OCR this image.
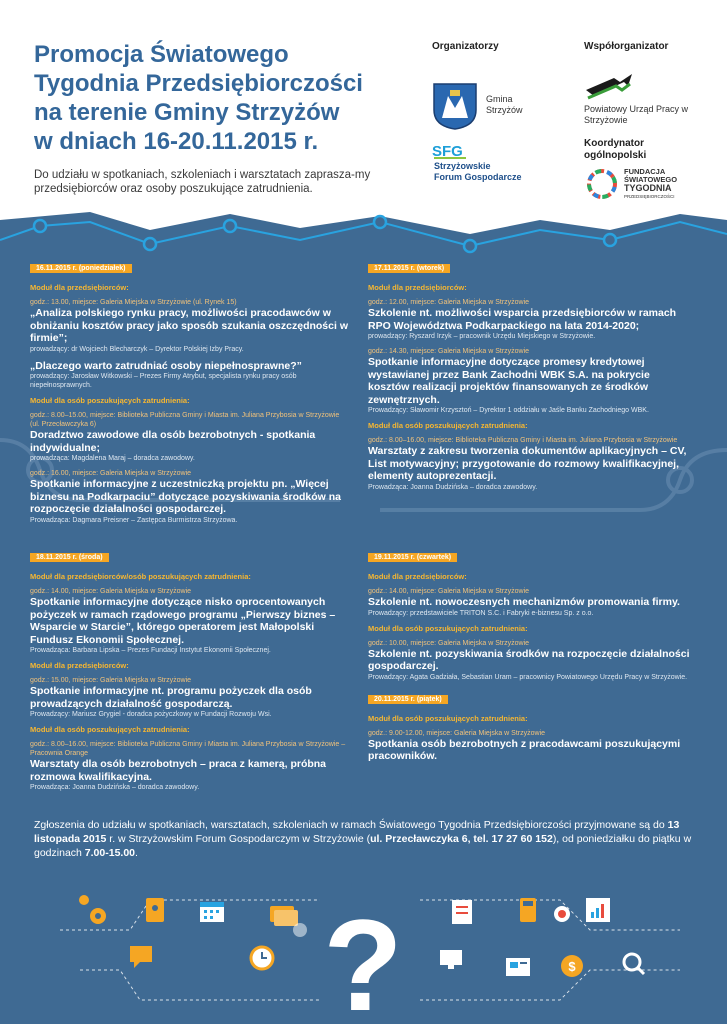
Promocja Światowego
Tygodnia Przedsiębiorczości
na terenie Gminy Strzyżów
w dniach 16-20.11.2015 r.
Do udziału w spotkaniach, szkoleniach i warsztatach zaprasza-my przedsiębiorców oraz osoby poszukujące zatrudnienia.
Organizatorzy
Gmina Strzyżów
SFG
Strzyżowskie
Forum Gospodarcze
Współorganizator
Powiatowy Urząd Pracy w Strzyżowie
Koordynator ogólnopolski
FUNDACJA
ŚWIATOWEGO
TYGODNIA
PRZEDSIĘBIORCZOŚCI
16.11.2015 r. (poniedziałek)
Moduł dla przedsiębiorców:
godz.: 13.00, miejsce: Galeria Miejska w Strzyżowie (ul. Rynek 15)
„Analiza polskiego rynku pracy, możliwości pracodawców w obniżaniu kosztów pracy jako sposób szukania oszczędności w firmie”;
prowadzący: dr Wojciech Blecharczyk – Dyrektor Polskiej Izby Pracy.
„Dlaczego warto zatrudniać osoby niepełnosprawne?”
prowadzący: Jarosław Witkowski – Prezes Firmy Atrybut, specjalista rynku pracy osób niepełnosprawnych.
Moduł dla osób poszukujących zatrudnienia:
godz.: 8.00–15.00, miejsce: Biblioteka Publiczna Gminy i Miasta im. Juliana Przybosia w Strzyżowie (ul. Przecławczyka 6)
Doradztwo zawodowe dla osób bezrobotnych - spotkania indywidualne;
prowadząca: Magdalena Maraj – doradca zawodowy.
godz.: 16.00, miejsce: Galeria Miejska w Strzyżowie
Spotkanie informacyjne z uczestniczką projektu pn. „Więcej biznesu na Podkarpaciu” dotyczące pozyskiwania środków na rozpoczęcie działalności gospodarczej.
Prowadząca: Dagmara Preisner – Zastępca Burmistrza Strzyżowa.
18.11.2015 r. (środa)
Moduł dla przedsiębiorców/osób poszukujących zatrudnienia:
godz.: 14.00, miejsce: Galeria Miejska w Strzyżowie
Spotkanie informacyjne dotyczące nisko oprocentowanych pożyczek w ramach rządowego programu „Pierwszy biznes – Wsparcie w Starcie”, którego operatorem jest Małopolski Fundusz Ekonomii Społecznej.
Prowadząca: Barbara Lipska – Prezes Fundacji Instytut Ekonomii Społecznej.
Moduł dla przedsiębiorców:
godz.: 15.00, miejsce: Galeria Miejska w Strzyżowie
Spotkanie informacyjne nt. programu pożyczek dla osób prowadzących działalność gospodarczą.
Prowadzący: Mariusz Grygiel - doradca pożyczkowy w Fundacji Rozwoju Wsi.
Moduł dla osób poszukujących zatrudnienia:
godz.: 8.00–16.00, miejsce: Biblioteka Publiczna Gminy i Miasta im. Juliana Przybosia w Strzyżowie – Pracownia Orange
Warsztaty dla osób bezrobotnych – praca z kamerą, próbna rozmowa kwalifikacyjna.
Prowadząca: Joanna Dudzińska – doradca zawodowy.
17.11.2015 r. (wtorek)
Moduł dla przedsiębiorców:
godz.: 12.00, miejsce: Galeria Miejska w Strzyżowie
Szkolenie nt. możliwości wsparcia przedsiębiorców w ramach RPO Województwa Podkarpackiego na lata 2014-2020;
prowadzący: Ryszard Irzyk – pracownik Urzędu Miejskiego w Strzyżowie.
godz.: 14.30, miejsce: Galeria Miejska w Strzyżowie
Spotkanie informacyjne dotyczące promesy kredytowej wystawianej przez Bank Zachodni WBK S.A. na pokrycie kosztów realizacji projektów finansowanych ze środków zewnętrznych.
Prowadzący: Sławomir Krzysztoń – Dyrektor 1 oddziału w Jaśle Banku Zachodniego WBK.
Moduł dla osób poszukujących zatrudnienia:
godz.: 8.00–16.00, miejsce: Biblioteka Publiczna Gminy i Miasta im. Juliana Przybosia w Strzyżowie
Warsztaty z zakresu tworzenia dokumentów aplikacyjnych – CV, List motywacyjny; przygotowanie do rozmowy kwalifikacyjnej, elementy autoprezentacji.
Prowadząca: Joanna Dudzińska – doradca zawodowy.
19.11.2015 r. (czwartek)
Moduł dla przedsiębiorców:
godz.: 14.00, miejsce: Galeria Miejska w Strzyżowie
Szkolenie nt. nowoczesnych mechanizmów promowania firmy.
Prowadzący: przedstawiciele TRITON S.C. i Fabryki e-biznesu Sp. z o.o.
Moduł dla osób poszukujących zatrudnienia:
godz.: 10.00, miejsce: Galeria Miejska w Strzyżowie
Szkolenie nt. pozyskiwania środków na rozpoczęcie działalności gospodarczej.
Prowadzący: Agata Gadziała, Sebastian Uram – pracownicy Powiatowego Urzędu Pracy w Strzyżowie.
20.11.2015 r. (piątek)
Moduł dla osób poszukujących zatrudnienia:
godz.: 9.00-12.00, miejsce: Galeria Miejska w Strzyżowie
Spotkania osób bezrobotnych z pracodawcami poszukującymi pracowników.
Zgłoszenia do udziału w spotkaniach, warsztatach, szkoleniach w ramach Światowego Tygodnia Przedsiębiorczości przyjmowane są do 13 listopada 2015 r. w Strzyżowskim Forum Gospodarczym w Strzyżowie (ul. Przecławczyka 6, tel. 17 27 60 152), od poniedziałku do piątku w godzinach 7.00-15.00.
?	$
